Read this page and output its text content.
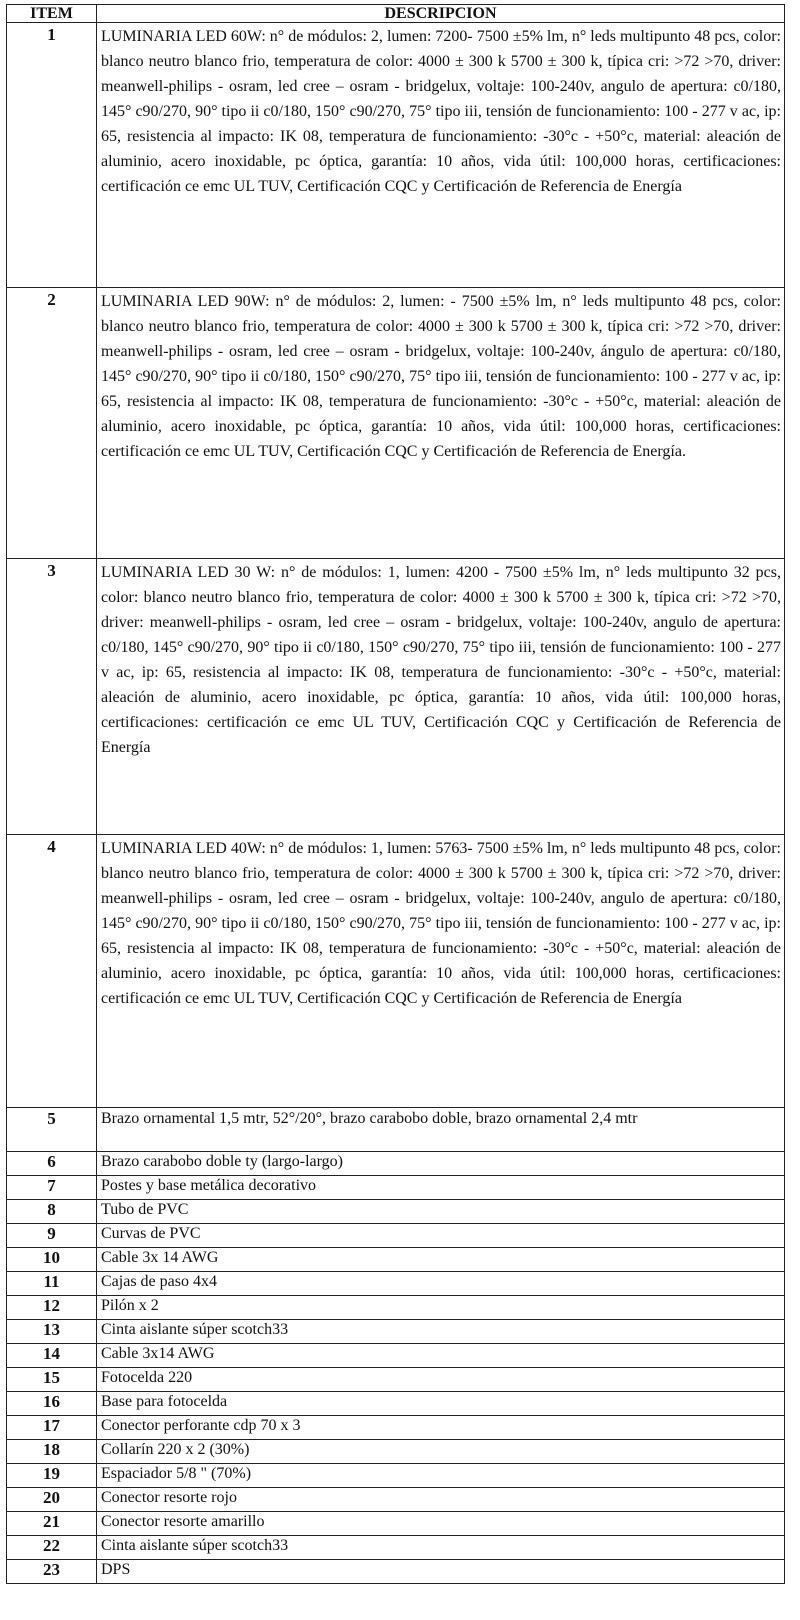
ITEM	DESCRIPCION
1	LUMINARIA LED 60W: n° de módulos: 2, lumen: 7200- 7500 ±5% lm, n° leds multipunto 48 pcs, color: blanco neutro blanco frio, temperatura de color: 4000 ± 300 k 5700 ± 300 k, típica cri: >72 >70, driver: meanwell-philips - osram, led cree – osram - bridgelux, voltaje: 100-240v, angulo de apertura: c0/180, 145° c90/270, 90° tipo ii c0/180, 150° c90/270, 75° tipo iii, tensión de funcionamiento: 100 - 277 v ac, ip: 65, resistencia al impacto: IK 08, temperatura de funcionamiento: -30°c - +50°c, material: aleación de aluminio, acero inoxidable, pc óptica, garantía: 10 años, vida útil: 100,000 horas, certificaciones: certificación ce emc UL TUV, Certificación CQC y Certificación de Referencia de Energía
2	LUMINARIA LED 90W: n° de módulos: 2, lumen: - 7500 ±5% lm, n° leds multipunto 48 pcs, color: blanco neutro blanco frio, temperatura de color: 4000 ± 300 k 5700 ± 300 k, típica cri: >72 >70, driver: meanwell-philips - osram, led cree – osram - bridgelux, voltaje: 100-240v, ángulo de apertura: c0/180, 145° c90/270, 90° tipo ii c0/180, 150° c90/270, 75° tipo iii, tensión de funcionamiento: 100 - 277 v ac, ip: 65, resistencia al impacto: IK 08, temperatura de funcionamiento: -30°c - +50°c, material: aleación de aluminio, acero inoxidable, pc óptica, garantía: 10 años, vida útil: 100,000 horas, certificaciones: certificación ce emc UL TUV, Certificación CQC y Certificación de Referencia de Energía.
3	LUMINARIA LED 30 W: n° de módulos: 1, lumen: 4200 - 7500 ±5% lm, n° leds multipunto 32 pcs, color: blanco neutro blanco frio, temperatura de color: 4000 ± 300 k 5700 ± 300 k, típica cri: >72 >70, driver: meanwell-philips - osram, led cree – osram - bridgelux, voltaje: 100-240v, angulo de apertura: c0/180, 145° c90/270, 90° tipo ii c0/180, 150° c90/270, 75° tipo iii, tensión de funcionamiento: 100 - 277 v ac, ip: 65, resistencia al impacto: IK 08, temperatura de funcionamiento: -30°c - +50°c, material: aleación de aluminio, acero inoxidable, pc óptica, garantía: 10 años, vida útil: 100,000 horas, certificaciones: certificación ce emc UL TUV, Certificación CQC y Certificación de Referencia de Energía
4	LUMINARIA LED 40W: n° de módulos: 1, lumen: 5763- 7500 ±5% lm, n° leds multipunto 48 pcs, color: blanco neutro blanco frio, temperatura de color: 4000 ± 300 k 5700 ± 300 k, típica cri: >72 >70, driver: meanwell-philips - osram, led cree – osram - bridgelux, voltaje: 100-240v, angulo de apertura: c0/180, 145° c90/270, 90° tipo ii c0/180, 150° c90/270, 75° tipo iii, tensión de funcionamiento: 100 - 277 v ac, ip: 65, resistencia al impacto: IK 08, temperatura de funcionamiento: -30°c - +50°c, material: aleación de aluminio, acero inoxidable, pc óptica, garantía: 10 años, vida útil: 100,000 horas, certificaciones: certificación ce emc UL TUV, Certificación CQC y Certificación de Referencia de Energía
5	Brazo ornamental 1,5 mtr, 52°/20°, brazo carabobo doble, brazo ornamental 2,4 mtr
6	Brazo carabobo doble ty (largo-largo)
7	Postes y base metálica decorativo
8	Tubo de PVC
9	Curvas de PVC
10	Cable 3x 14 AWG
11	Cajas de paso 4x4
12	Pilón x 2
13	Cinta aislante súper scotch33
14	Cable 3x14 AWG
15	Fotocelda 220
16	Base para fotocelda
17	Conector perforante cdp 70 x 3
18	Collarín 220 x 2 (30%)
19	Espaciador 5/8 " (70%)
20	Conector resorte rojo
21	Conector resorte amarillo
22	Cinta aislante súper scotch33
23	DPS
